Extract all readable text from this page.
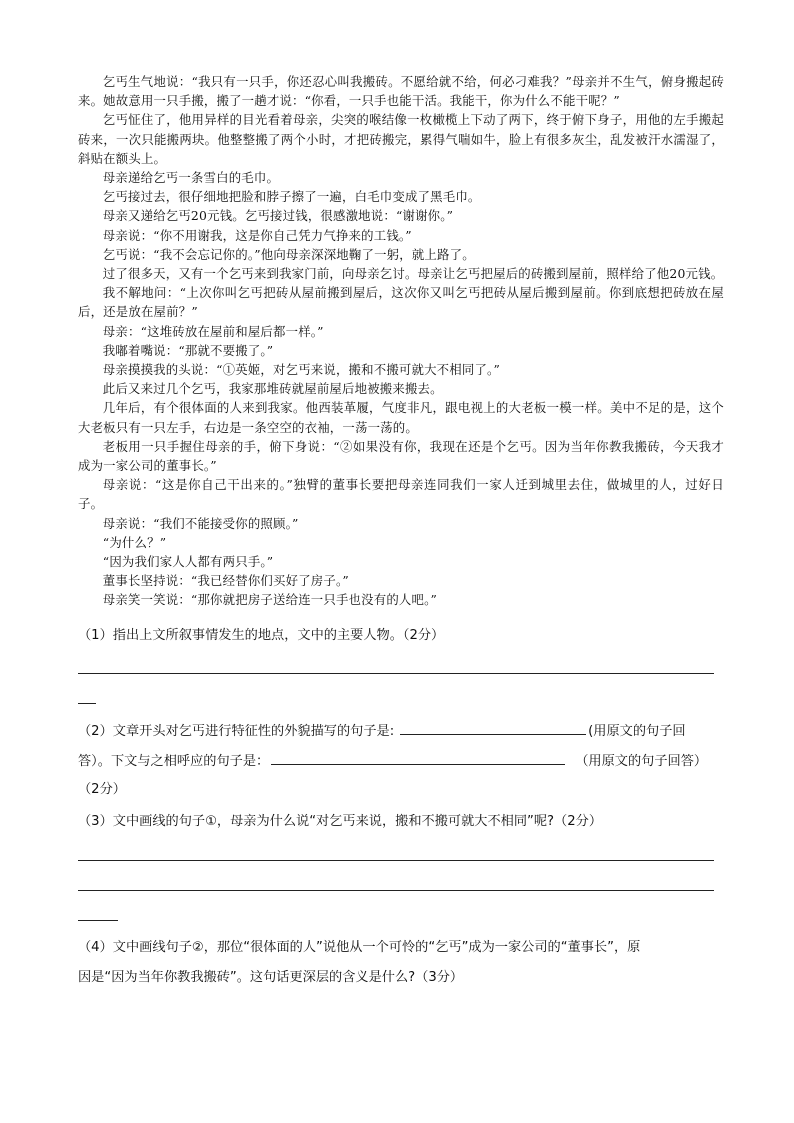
乞丐生气地说：“我只有一只手，你还忍心叫我搬砖。不愿给就不给，何必刁难我？”母亲并不生气，俯身搬起砖来。她故意用一只手搬，搬了一趟才说：“你看，一只手也能干活。我能干，你为什么不能干呢？”

乞丐怔住了，他用异样的目光看着母亲，尖突的喉结像一枚橄榄上下动了两下，终于俯下身子，用他的左手搬起砖来，一次只能搬两块。他整整搬了两个小时，才把砖搬完，累得气喘如牛，脸上有很多灰尘，乱发被汗水濡湿了，斜贴在额头上。

母亲递给乞丐一条雪白的毛巾。

乞丐接过去，很仔细地把脸和脖子擦了一遍，白毛巾变成了黑毛巾。

母亲又递给乞丐20元钱。乞丐接过钱，很感激地说：“谢谢你。”

母亲说：“你不用谢我，这是你自己凭力气挣来的工钱。”

乞丐说：“我不会忘记你的。”他向母亲深深地鞠了一躬，就上路了。

过了很多天，又有一个乞丐来到我家门前，向母亲乞讨。母亲让乞丐把屋后的砖搬到屋前，照样给了他20元钱。

我不解地问：“上次你叫乞丐把砖从屋前搬到屋后，这次你又叫乞丐把砖从屋后搬到屋前。你到底想把砖放在屋后，还是放在屋前？”

母亲：“这堆砖放在屋前和屋后都一样。”

我嘟着嘴说：“那就不要搬了。”

母亲摸摸我的头说：“①英姬，对乞丐来说，搬和不搬可就大不相同了。”

此后又来过几个乞丐，我家那堆砖就屋前屋后地被搬来搬去。

几年后，有个很体面的人来到我家。他西装革履，气度非凡，跟电视上的大老板一模一样。美中不足的是，这个大老板只有一只左手，右边是一条空空的衣袖，一荡一荡的。

老板用一只手握住母亲的手，俯下身说：“②如果没有你，我现在还是个乞丐。因为当年你教我搬砖，今天我才成为一家公司的董事长。”

母亲说：“这是你自己干出来的。”独臂的董事长要把母亲连同我们一家人迁到城里去住，做城里的人，过好日子。

母亲说：“我们不能接受你的照顾。”

“为什么？”

“因为我们家人人都有两只手。”

董事长坚持说：“我已经替你们买好了房子。”

母亲笑一笑说：“那你就把房子送给连一只手也没有的人吧。”

（1）指出上文所叙事情发生的地点，文中的主要人物。（2分）
（2）文章开头对乞丐进行特征性的外貌描写的句子是:	(用原文的句子回
答）。下文与之相呼应的句子是：	（用原文的句子回答）
（2分）
（3）文中画线的句子①，母亲为什么说“对乞丐来说，搬和不搬可就大不相同”呢?（2分）
（4）文中画线句子②，那位“很体面的人”说他从一个可怜的“乞丐”成为一家公司的“董事长”，原
因是“因为当年你教我搬砖”。这句话更深层的含义是什么?（3分）
